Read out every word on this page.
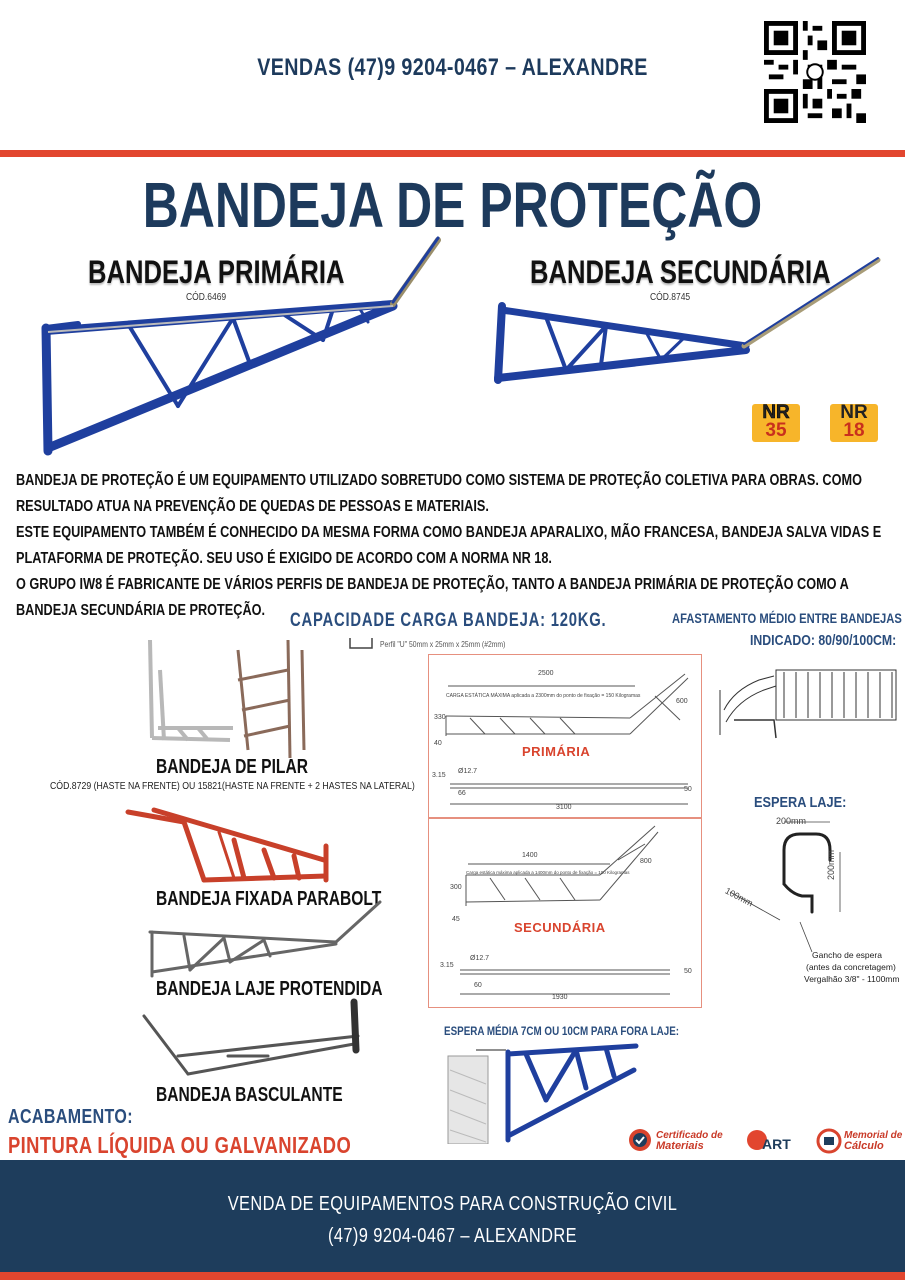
VENDAS (47)9 9204-0467 – ALEXANDRE
BANDEJA DE PROTEÇÃO
BANDEJA PRIMÁRIA
CÓD.6469
BANDEJA SECUNDÁRIA
CÓD.8745
NR
35
NR
18

BANDEJA DE PROTEÇÃO É UM EQUIPAMENTO UTILIZADO SOBRETUDO COMO SISTEMA DE PROTEÇÃO COLETIVA PARA OBRAS. COMO RESULTADO ATUA NA PREVENÇÃO DE QUEDAS DE PESSOAS E MATERIAIS.

ESTE EQUIPAMENTO TAMBÉM É CONHECIDO DA MESMA FORMA COMO BANDEJA APARALIXO, MÃO FRANCESA, BANDEJA SALVA VIDAS E PLATAFORMA DE PROTEÇÃO. SEU USO É EXIGIDO DE ACORDO COM A NORMA NR 18.

O GRUPO IW8 É FABRICANTE DE VÁRIOS PERFIS DE BANDEJA DE PROTEÇÃO, TANTO A BANDEJA PRIMÁRIA DE PROTEÇÃO COMO A BANDEJA SECUNDÁRIA DE PROTEÇÃO.	CAPACIDADE CARGA BANDEJA: 120KG.	AFASTAMENTO MÉDIO ENTRE BANDEJAS
INDICADO: 80/90/100CM:
Perfil "U" 50mm x 25mm x 25mm (#2mm)
2500
CARGA ESTÁTICA MÁXIMA aplicada a 2300mm do ponto de fixação = 150 Kilogramas
600
330
40
3100
3.15
Ø12.7
66
50
PRIMÁRIA
1400
Carga estática máxima aplicada a 1400mm do ponto de fixação = 100 Kilogramas
800
300
45
1930
3.15
Ø12.7
60
50
SECUNDÁRIA
BANDEJA DE PILAR
CÓD.8729 (HASTE NA FRENTE) OU 15821(HASTE NA FRENTE + 2 HASTES NA LATERAL)
BANDEJA FIXADA PARABOLT
BANDEJA LAJE PROTENDIDA
BANDEJA BASCULANTE
ESPERA LAJE:
200mm
200mm
100mm
Gancho de espera
(antes da concretagem)
Vergalhão 3/8" - 1100mm
ESPERA MÉDIA 7CM OU 10CM PARA FORA LAJE:
ACABAMENTO:
PINTURA LÍQUIDA OU GALVANIZADO	Certificado de
Materiais	ART
Memorial de
Cálculo
VENDA DE EQUIPAMENTOS PARA CONSTRUÇÃO CIVIL
(47)9 9204-0467 – ALEXANDRE
